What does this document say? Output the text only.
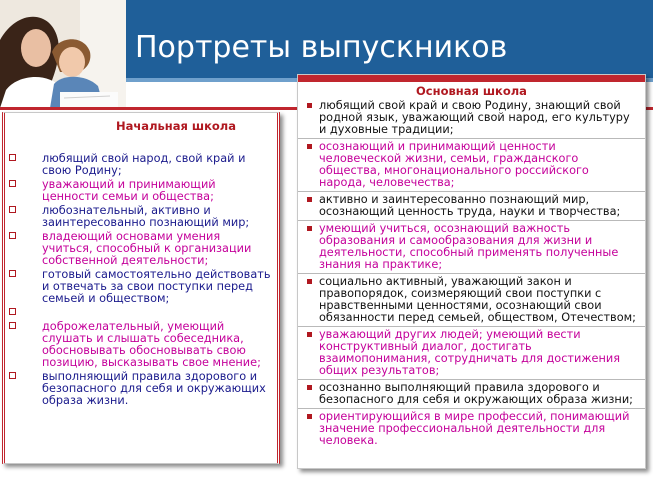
Портреты выпускников
Начальная школа
любящий свой народ, свой край и свою Родину;
уважающий и принимающий ценности семьи и общества;
любознательный, активно и заинтересованно познающий мир;
владеющий основами умения учиться, способный к организации собственной деятельности;
готовый самостоятельно действовать и отвечать за свои поступки перед семьей и обществом;
доброжелательный, умеющий слушать и слышать собеседника, обосновывать обосновывать свою позицию, высказывать свое мнение;
выполняющий правила здорового и безопасного для себя и окружающих образа жизни.
Основная школа
любящий свой край и свою Родину, знающий свой родной язык, уважающий свой народ, его культуру и духовные традиции;
осознающий и принимающий ценности человеческой жизни, семьи, гражданского общества, многонационального российского народа, человечества;
активно и заинтересованно познающий мир, осознающий ценность труда, науки и творчества;
умеющий учиться, осознающий важность образования и самообразования для жизни и деятельности, способный применять полученные знания на практике;
социально активный, уважающий закон и правопорядок, соизмеряющий свои поступки с нравственными ценностями, осознающий свои обязанности перед семьей, обществом, Отечеством;
уважающий других людей; умеющий вести конструктивный диалог, достигать взаимопонимания, сотрудничать для достижения общих результатов;
осознанно выполняющий правила здорового и безопасного для себя и окружающих образа жизни;
ориентирующийся в мире профессий, понимающий значение профессиональной деятельности для человека.
